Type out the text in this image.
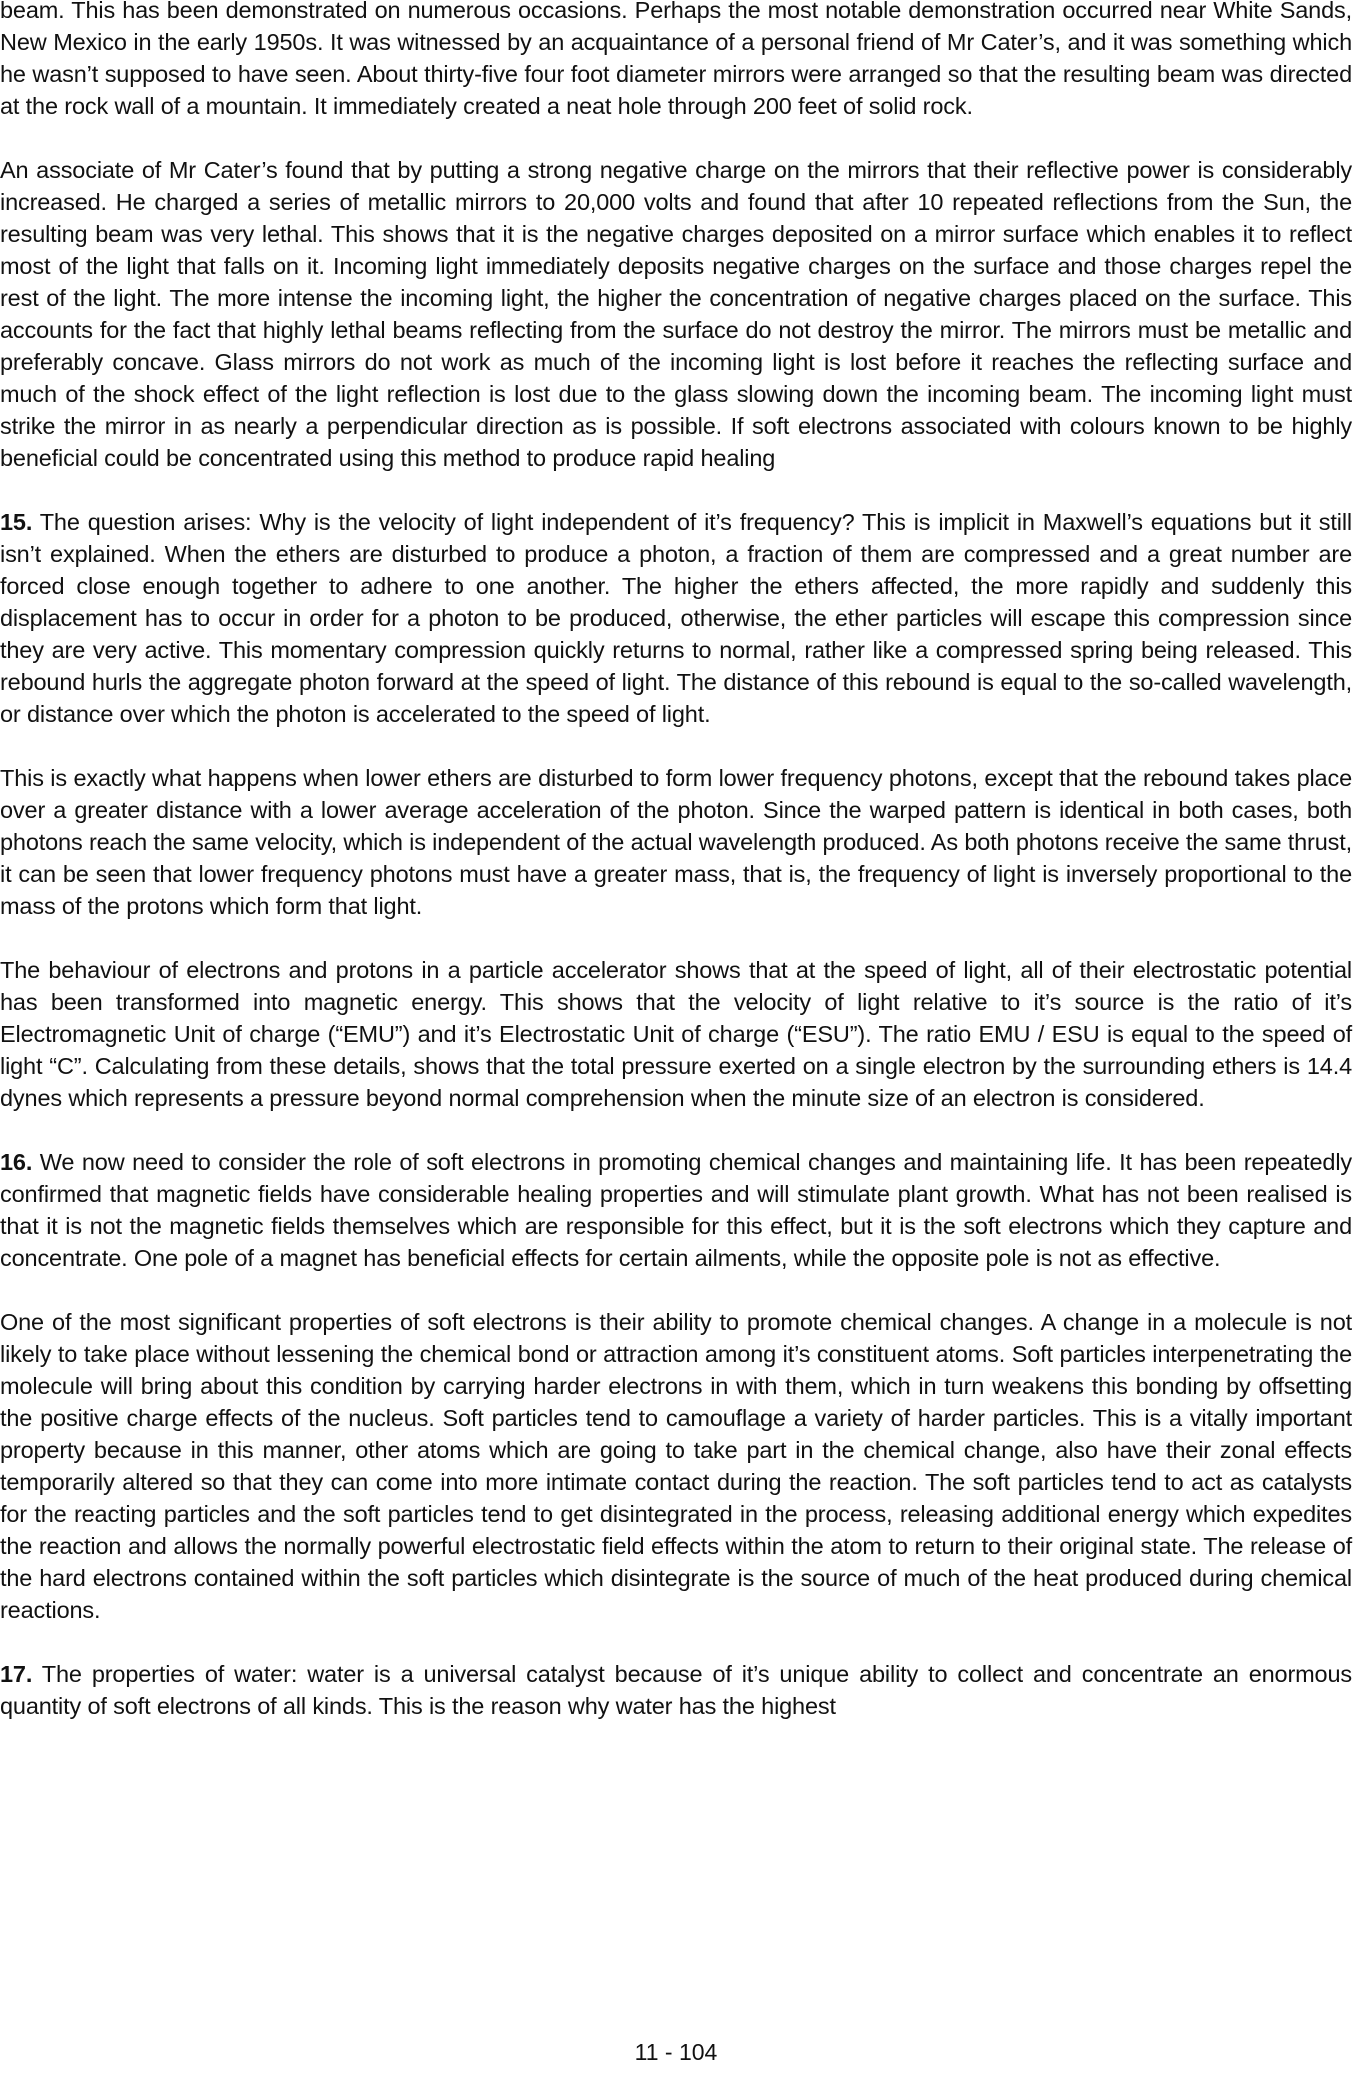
beam. This has been demonstrated on numerous occasions. Perhaps the most notable demonstration occurred near White Sands, New Mexico in the early 1950s. It was witnessed by an acquaintance of a personal friend of Mr Cater’s, and it was something which he wasn’t supposed to have seen. About thirty-five four foot diameter mirrors were arranged so that the resulting beam was directed at the rock wall of a mountain. It immediately created a neat hole through 200 feet of solid rock.

An associate of Mr Cater’s found that by putting a strong negative charge on the mirrors that their reflective power is considerably increased. He charged a series of metallic mirrors to 20,000 volts and found that after 10 repeated reflections from the Sun, the resulting beam was very lethal. This shows that it is the negative charges deposited on a mirror surface which enables it to reflect most of the light that falls on it. Incoming light immediately deposits negative charges on the surface and those charges repel the rest of the light. The more intense the incoming light, the higher the concentration of negative charges placed on the surface. This accounts for the fact that highly lethal beams reflecting from the surface do not destroy the mirror. The mirrors must be metallic and preferably concave. Glass mirrors do not work as much of the incoming light is lost before it reaches the reflecting surface and much of the shock effect of the light reflection is lost due to the glass slowing down the incoming beam. The incoming light must strike the mirror in as nearly a perpendicular direction as is possible. If soft electrons associated with colours known to be highly beneficial could be concentrated using this method to produce rapid healing

15. The question arises: Why is the velocity of light independent of it’s frequency? This is implicit in Maxwell’s equations but it still isn’t explained. When the ethers are disturbed to produce a photon, a fraction of them are compressed and a great number are forced close enough together to adhere to one another. The higher the ethers affected, the more rapidly and suddenly this displacement has to occur in order for a photon to be produced, otherwise, the ether particles will escape this compression since they are very active. This momentary compression quickly returns to normal, rather like a compressed spring being released. This rebound hurls the aggregate photon forward at the speed of light. The distance of this rebound is equal to the so-called wavelength, or distance over which the photon is accelerated to the speed of light.

This is exactly what happens when lower ethers are disturbed to form lower frequency photons, except that the rebound takes place over a greater distance with a lower average acceleration of the photon. Since the warped pattern is identical in both cases, both photons reach the same velocity, which is independent of the actual wavelength produced. As both photons receive the same thrust, it can be seen that lower frequency photons must have a greater mass, that is, the frequency of light is inversely proportional to the mass of the protons which form that light.

The behaviour of electrons and protons in a particle accelerator shows that at the speed of light, all of their electrostatic potential has been transformed into magnetic energy. This shows that the velocity of light relative to it’s source is the ratio of it’s Electromagnetic Unit of charge (“EMU”) and it’s Electrostatic Unit of charge (“ESU”). The ratio EMU / ESU is equal to the speed of light “C”. Calculating from these details, shows that the total pressure exerted on a single electron by the surrounding ethers is 14.4 dynes which represents a pressure beyond normal comprehension when the minute size of an electron is considered.

16. We now need to consider the role of soft electrons in promoting chemical changes and maintaining life. It has been repeatedly confirmed that magnetic fields have considerable healing properties and will stimulate plant growth. What has not been realised is that it is not the magnetic fields themselves which are responsible for this effect, but it is the soft electrons which they capture and concentrate. One pole of a magnet has beneficial effects for certain ailments, while the opposite pole is not as effective.

One of the most significant properties of soft electrons is their ability to promote chemical changes. A change in a molecule is not likely to take place without lessening the chemical bond or attraction among it’s constituent atoms. Soft particles interpenetrating the molecule will bring about this condition by carrying harder electrons in with them, which in turn weakens this bonding by offsetting the positive charge effects of the nucleus. Soft particles tend to camouflage a variety of harder particles. This is a vitally important property because in this manner, other atoms which are going to take part in the chemical change, also have their zonal effects temporarily altered so that they can come into more intimate contact during the reaction. The soft particles tend to act as catalysts for the reacting particles and the soft particles tend to get disintegrated in the process, releasing additional energy which expedites the reaction and allows the normally powerful electrostatic field effects within the atom to return to their original state. The release of the hard electrons contained within the soft particles which disintegrate is the source of much of the heat produced during chemical reactions.

17. The properties of water: water is a universal catalyst because of it’s unique ability to collect and concentrate an enormous quantity of soft electrons of all kinds. This is the reason why water has the highest

11 - 104
